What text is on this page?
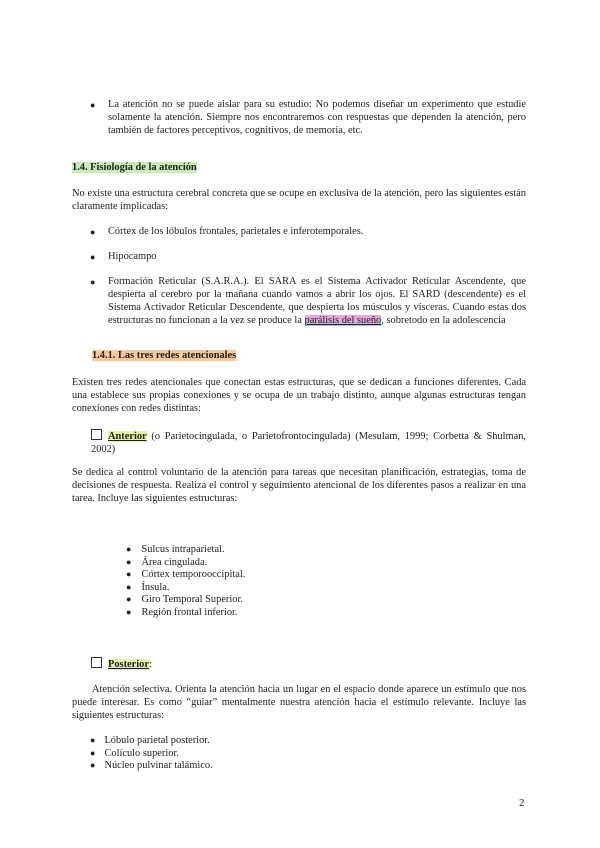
● La atención no se puede aislar para su estudio: No podemos diseñar un experimento que estudie solamente la atención. Siempre nos encontraremos con respuestas que dependen la atención, pero también de factores perceptivos, cognitivos, de memoria, etc.
1.4. Fisiología de la atención
No existe una estructura cerebral concreta que se ocupe en exclusiva de la atención, pero las siguientes están claramente implicadas:
● Córtex de los lóbulos frontales, parietales e inferotemporales.
● Hipocampo
● Formación Reticular (S.A.R.A.). El SARA es el Sistema Activador Reticular Ascendente, que despierta al cerebro por la mañana cuando vamos a abrir los ojos. El SARD (descendente) es el Sistema Activador Reticular Descendente, que despierta los músculos y vísceras. Cuando estas dos estructuras no funcionan a la vez se produce la parálisis del sueño, sobretodo en la adolescencia
1.4.1. Las tres redes atencionales
Existen tres redes atencionales que conectan estas estructuras, que se dedican a funciones diferentes. Cada una establece sus propias conexiones y se ocupa de un trabajo distinto, aunque algunas estructuras tengan conexiones con redes distintas:
Anterior (o Parietocingulada, o Parietofrontocingulada) (Mesulam, 1999; Corbetta & Shulman, 2002)
Se dedica al control voluntario de la atención para tareas que necesitan planificación, estrategias, toma de decisiones de respuesta. Realiza el control y seguimiento atencional de los diferentes pasos a realizar en una tarea. Incluye las siguientes estructuras:
● Sulcus intraparietal.
● Área cingulada.
● Córtex temporooccipital.
● Ínsula.
● Giro Temporal Superior.
● Región frontal inferior.
Posterior:
Atención selectiva. Orienta la atención hacia un lugar en el espacio donde aparece un estímulo que nos puede interesar. Es como “guiar” mentalmente nuestra atención hacia el estímulo relevante. Incluye las siguientes estructuras:
● Lóbulo parietal posterior.
● Colículo superior.
● Núcleo pulvinar talámico.
2
